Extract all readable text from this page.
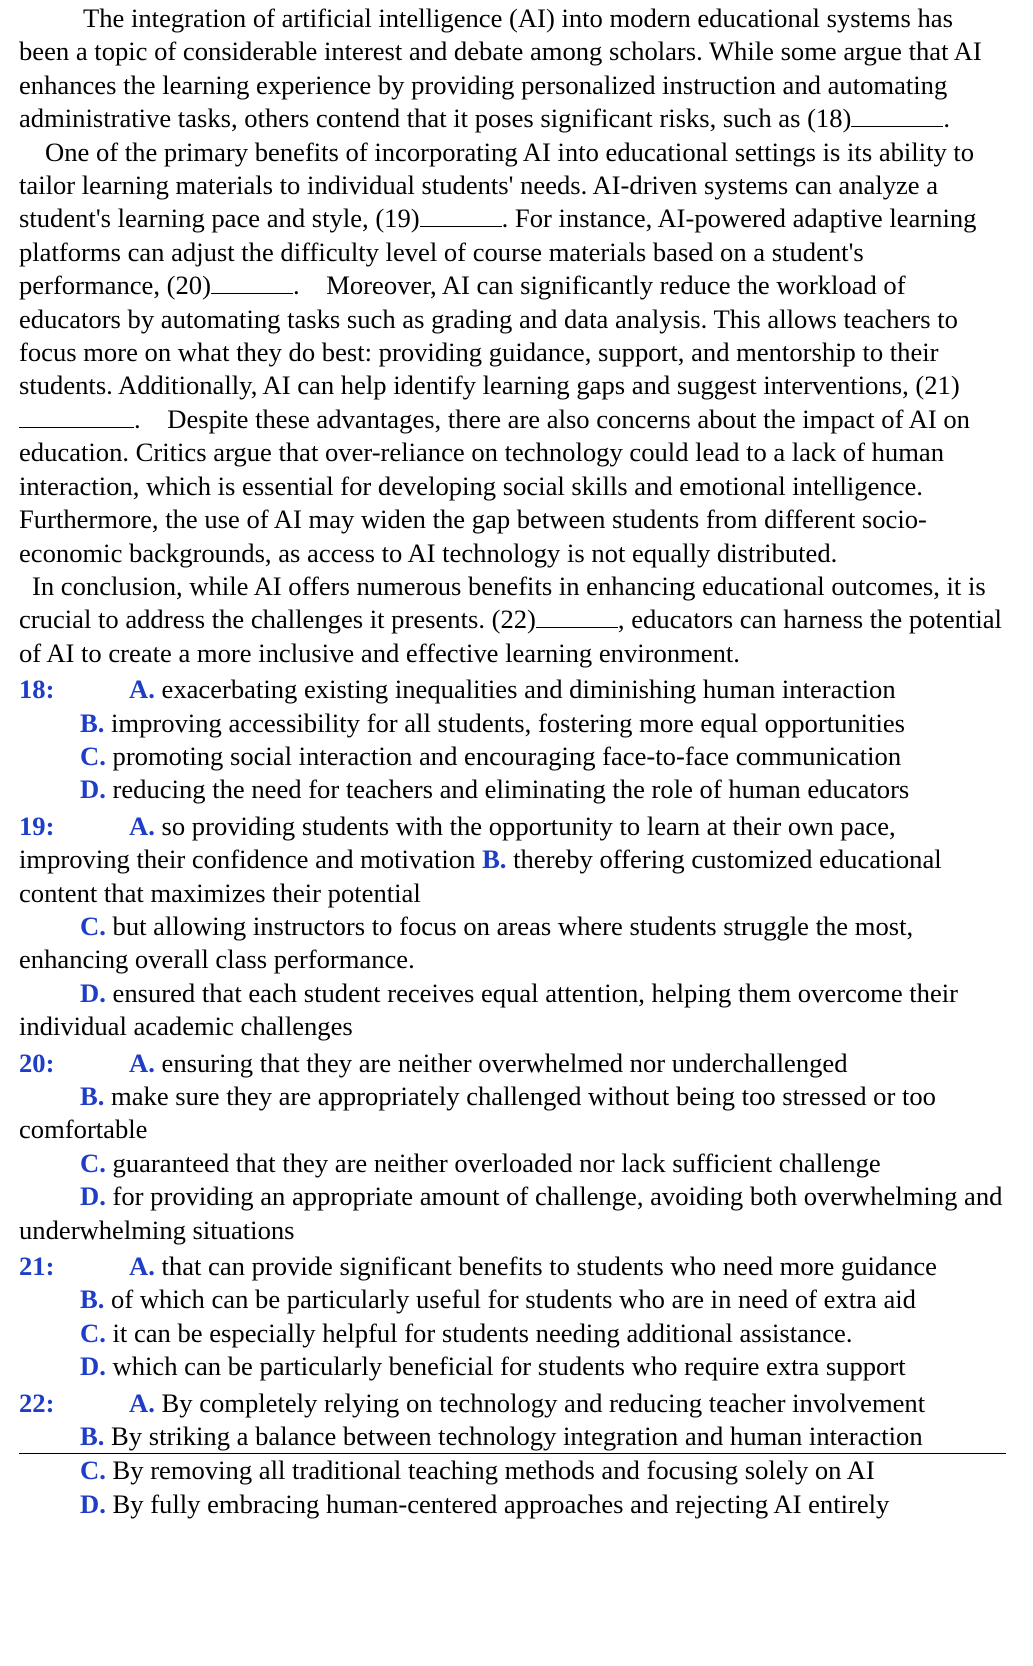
The integration of artificial intelligence (AI) into modern educational systems has been a topic of considerable interest and debate among scholars. While some argue that AI enhances the learning experience by providing personalized instruction and automating administrative tasks, others contend that it poses significant risks, such as (18)	.

One of the primary benefits of incorporating AI into educational settings is its ability to tailor learning materials to individual students' needs. AI-driven systems can analyze a student's learning pace and style, (19)	. For instance, AI-powered adaptive learning platforms can adjust the difficulty level of course materials based on a student's performance, (20)	.    Moreover, AI can significantly reduce the workload of educators by automating tasks such as grading and data analysis. This allows teachers to focus more on what they do best: providing guidance, support, and mentorship to their students. Additionally, AI can help identify learning gaps and suggest interventions, (21).    Despite these advantages, there are also concerns about the impact of AI on education. Critics argue that over-reliance on technology could lead to a lack of human interaction, which is essential for developing social skills and emotional intelligence. Furthermore, the use of AI may widen the gap between students from different socio-economic backgrounds, as access to AI technology is not equally distributed.

In conclusion, while AI offers numerous benefits in enhancing educational outcomes, it is crucial to address the challenges it presents. (22)	, educators can harness the potential of AI to create a more inclusive and effective learning environment.

18:	A. exacerbating existing inequalities and diminishing human interaction

B. improving accessibility for all students, fostering more equal opportunities

C. promoting social interaction and encouraging face-to-face communication

D. reducing the need for teachers and eliminating the role of human educators

19:	A. so providing students with the opportunity to learn at their own pace, improving their confidence and motivation B. thereby offering customized educational content that maximizes their potential

C. but allowing instructors to focus on areas where students struggle the most, enhancing overall class performance.

D. ensured that each student receives equal attention, helping them overcome their individual academic challenges

20:	A. ensuring that they are neither overwhelmed nor underchallenged

B. make sure they are appropriately challenged without being too stressed or too comfortable

C. guaranteed that they are neither overloaded nor lack sufficient challenge

D. for providing an appropriate amount of challenge, avoiding both overwhelming and underwhelming situations

21:	A. that can provide significant benefits to students who need more guidance

B. of which can be particularly useful for students who are in need of extra aid

C. it can be especially helpful for students needing additional assistance.

D. which can be particularly beneficial for students who require extra support

22:	A. By completely relying on technology and reducing teacher involvement

B. By striking a balance between technology integration and human interaction

C. By removing all traditional teaching methods and focusing solely on AI

D. By fully embracing human-centered approaches and rejecting AI entirely
